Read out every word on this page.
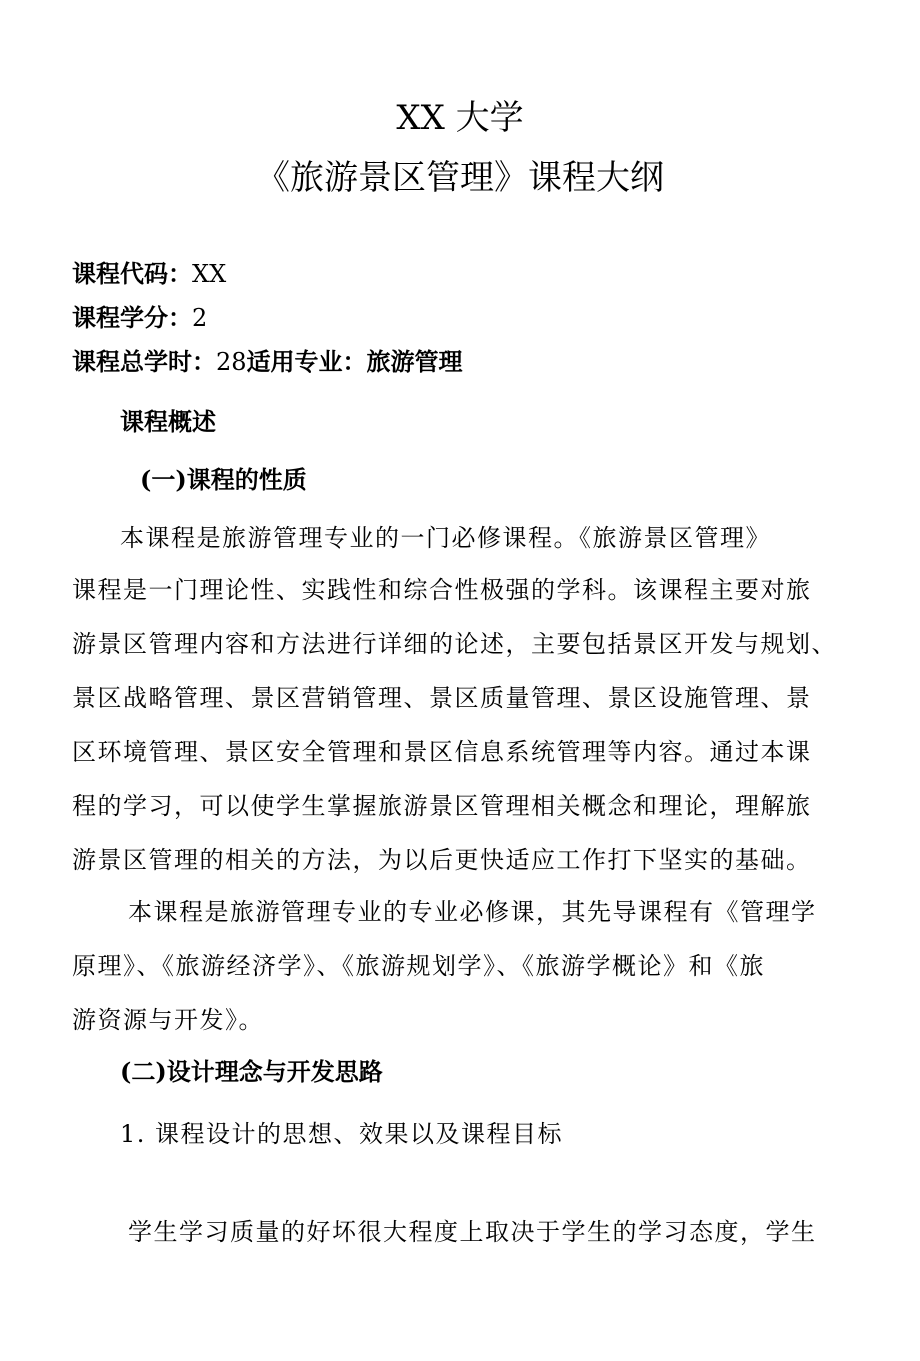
XX 大学
《旅游景区管理》课程大纲

课程代码：XX

课程学分：2

课程总学时：28适用专业：旅游管理

课程概述
(一)课程的性质

本课程是旅游管理专业的一门必修课程。《旅游景区管理》

课程是一门理论性、实践性和综合性极强的学科。该课程主要对旅

游景区管理内容和方法进行详细的论述，主要包括景区开发与规划、

景区战略管理、景区营销管理、景区质量管理、景区设施管理、景

区环境管理、景区安全管理和景区信息系统管理等内容。通过本课

程的学习，可以使学生掌握旅游景区管理相关概念和理论，理解旅

游景区管理的相关的方法，为以后更快适应工作打下坚实的基础。

本课程是旅游管理专业的专业必修课，其先导课程有《管理学

原理》、《旅游经济学》、《旅游规划学》、《旅游学概论》和《旅

游资源与开发》。

(二)设计理念与开发思路

1. 课程设计的思想、效果以及课程目标

学生学习质量的好坏很大程度上取决于学生的学习态度，学生
